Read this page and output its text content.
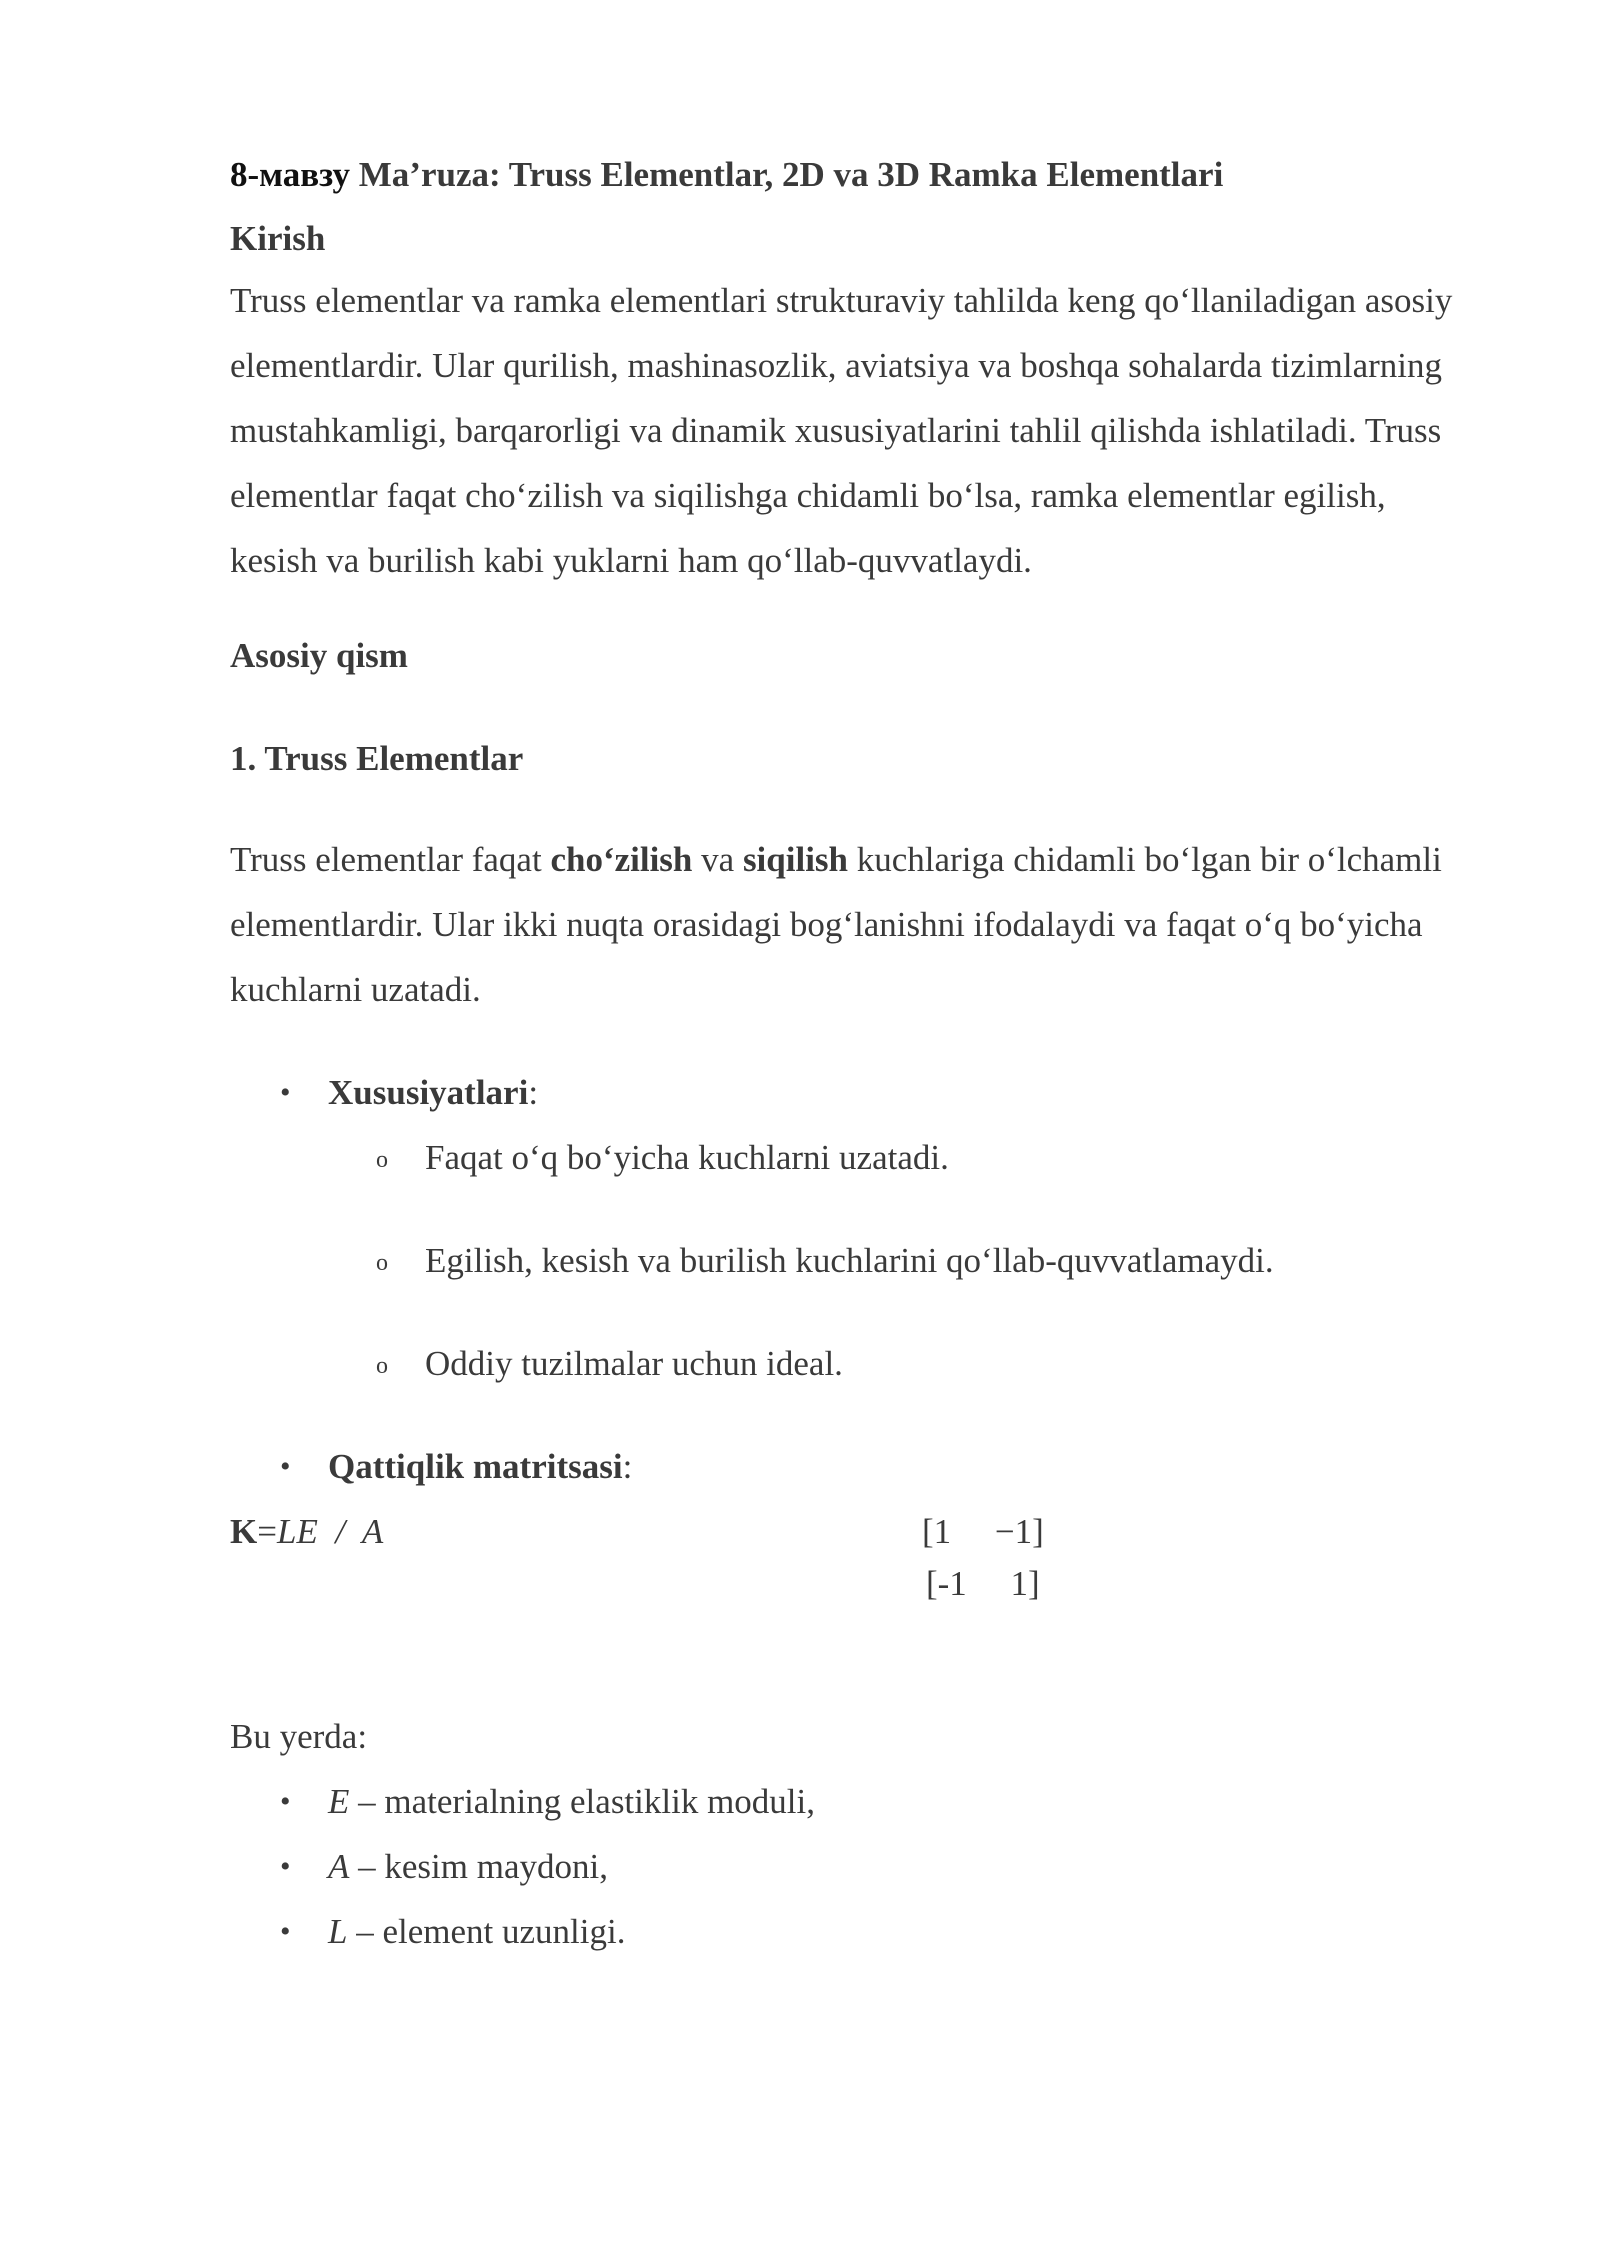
8-мавзу Ma’ruza: Truss Elementlar, 2D va 3D Ramka Elementlari

Kirish

Truss elementlar va ramka elementlari strukturaviy tahlilda keng qo‘llaniladigan asosiy elementlardir. Ular qurilish, mashinasozlik, aviatsiya va boshqa sohalarda tizimlarning mustahkamligi, barqarorligi va dinamik xususiyatlarini tahlil qilishda ishlatiladi. Truss elementlar faqat cho‘zilish va siqilishga chidamli bo‘lsa, ramka elementlar egilish, kesish va burilish kabi yuklarni ham qo‘llab-quvvatlaydi.

Asosiy qism

1. Truss Elementlar

Truss elementlar faqat cho‘zilish va siqilish kuchlariga chidamli bo‘lgan bir o‘lchamli elementlardir. Ular ikki nuqta orasidagi bog‘lanishni ifodalaydi va faqat o‘q bo‘yicha kuchlarni uzatadi.

• Xususiyatlari:
o Faqat o‘q bo‘yicha kuchlarni uzatadi.
o Egilish, kesish va burilish kuchlarini qo‘llab-quvvatlamaydi.
o Oddiy tuzilmalar uchun ideal.
• Qattiqlik matritsasi:
K=LE  /  A	[1     −1]
[-1     1]

Bu yerda:

• E – materialning elastiklik moduli,
• A – kesim maydoni,
• L – element uzunligi.
